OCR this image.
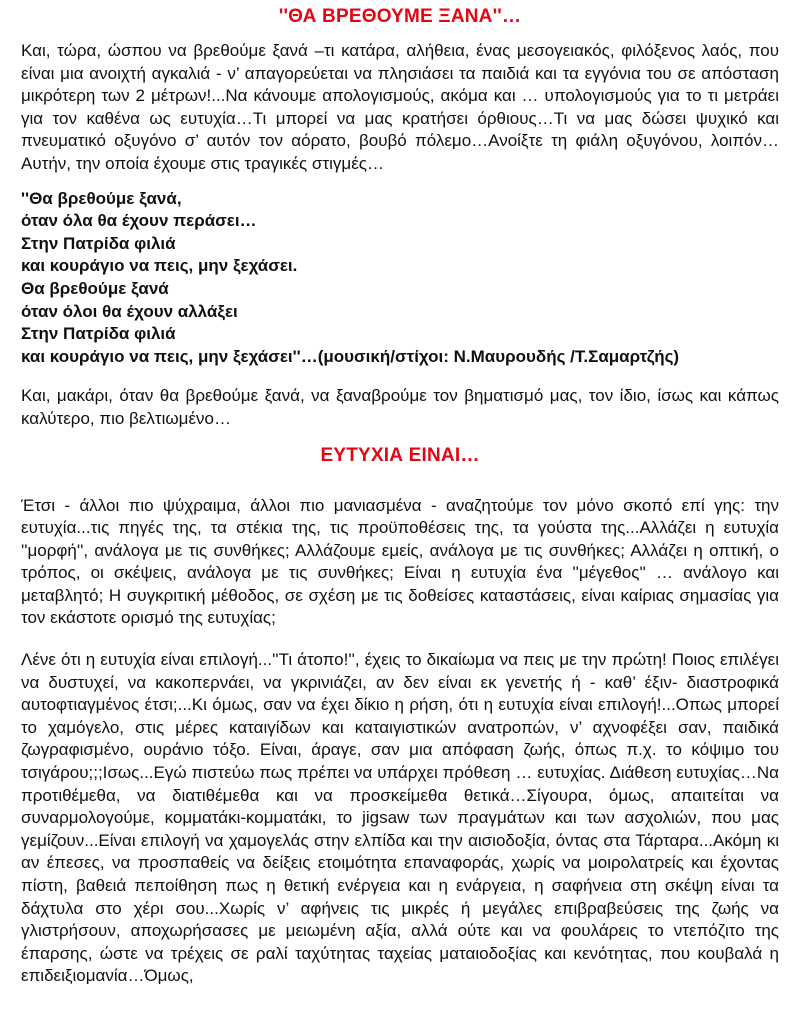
''ΘΑ ΒΡΕΘΟΥΜΕ ΞΑΝΑ''…

Και, τώρα, ώσπου να βρεθούμε ξανά –τι κατάρα, αλήθεια, ένας μεσογειακός, φιλόξενος λαός, που είναι μια ανοιχτή αγκαλιά - ν’ απαγορεύεται να πλησιάσει τα παιδιά και τα εγγόνια του σε απόσταση μικρότερη των 2 μέτρων!...Να κάνουμε απολογισμούς, ακόμα και … υπολογισμούς για το τι μετράει για τον καθένα ως ευτυχία…Τι μπορεί να μας κρατήσει όρθιους…Τι να μας δώσει ψυχικό και πνευματικό οξυγόνο σ’ αυτόν τον αόρατο, βουβό πόλεμο…Ανοίξτε τη φιάλη οξυγόνου, λοιπόν…Αυτήν, την οποία έχουμε στις τραγικές στιγμές…

''Θα βρεθούμε ξανά,
όταν όλα θα έχουν περάσει…
Στην Πατρίδα φιλιά
και κουράγιο να πεις, μην ξεχάσει.
Θα βρεθούμε ξανά
όταν όλοι θα έχουν αλλάξει
Στην Πατρίδα φιλιά
και κουράγιο να πεις, μην ξεχάσει''…(μουσική/στίχοι: Ν.Μαυρουδής /Τ.Σαμαρτζής)

Και, μακάρι, όταν θα βρεθούμε ξανά, να ξαναβρούμε τον βηματισμό μας, τον ίδιο, ίσως και κάπως καλύτερο, πιο βελτιωμένο…

ΕΥΤΥΧΙΑ ΕΙΝΑΙ…

Έτσι - άλλοι πιο ψύχραιμα, άλλοι πιο μανιασμένα - αναζητούμε τον μόνο σκοπό επί γης: την ευτυχία...τις πηγές της, τα στέκια της, τις προϋποθέσεις της, τα γούστα της...Αλλάζει η ευτυχία ''μορφή'', ανάλογα με τις συνθήκες; Αλλάζουμε εμείς, ανάλογα με τις συνθήκες; Αλλάζει η οπτική, ο τρόπος, οι σκέψεις, ανάλογα με τις συνθήκες; Είναι η ευτυχία ένα ''μέγεθος'' … ανάλογο και μεταβλητό; Η συγκριτική μέθοδος, σε σχέση με τις δοθείσες καταστάσεις, είναι καίριας σημασίας για τον εκάστοτε ορισμό της ευτυχίας;

Λένε ότι η ευτυχία είναι επιλογή...''Τι άτοπο!'', έχεις το δικαίωμα να πεις με την πρώτη! Ποιος επιλέγει να δυστυχεί, να κακοπερνάει, να γκρινιάζει, αν δεν είναι εκ γενετής ή - καθ’ έξιν- διαστροφικά αυτοφτιαγμένος έτσι;...Κι όμως, σαν να έχει δίκιο η ρήση, ότι η ευτυχία είναι επιλογή!...Οπως μπορεί το χαμόγελο, στις μέρες καταιγίδων και καταιγιστικών ανατροπών, ν’ αχνοφέξει σαν, παιδικά ζωγραφισμένο, ουράνιο τόξο. Είναι, άραγε, σαν μια απόφαση ζωής, όπως π.χ. το κόψιμο του τσιγάρου;;;Ισως...Εγώ πιστεύω πως πρέπει να υπάρχει πρόθεση … ευτυχίας. Διάθεση ευτυχίας…Να προτιθέμεθα, να διατιθέμεθα και να προσκείμεθα θετικά…Σίγουρα, όμως, απαιτείται να συναρμολογούμε, κομματάκι-κομματάκι, το jigsaw των πραγμάτων και των ασχολιών, που μας γεμίζουν...Είναι επιλογή να χαμογελάς στην ελπίδα και την αισιοδοξία, όντας στα Τάρταρα...Ακόμη κι αν έπεσες, να προσπαθείς να δείξεις ετοιμότητα επαναφοράς, χωρίς να μοιρολατρείς και έχοντας πίστη, βαθειά πεποίθηση πως η θετική ενέργεια και η ενάργεια, η σαφήνεια στη σκέψη είναι τα δάχτυλα στο χέρι σου...Χωρίς ν’ αφήνεις τις μικρές ή μεγάλες επιβραβεύσεις της ζωής να γλιστρήσουν, αποχωρήσασες με μειωμένη αξία, αλλά ούτε και να φουλάρεις το ντεπόζιτο της έπαρσης, ώστε να τρέχεις σε ραλί ταχύτητας ταχείας ματαιοδοξίας και κενότητας, που κουβαλά η επιδειξιομανία…Όμως,
